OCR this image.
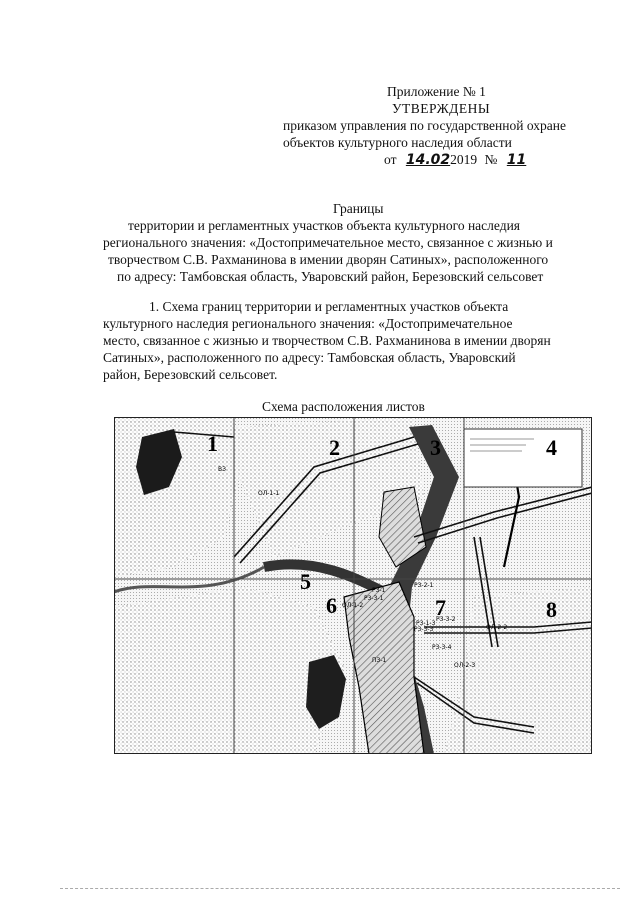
Приложение № 1
УТВЕРЖДЕНЫ
приказом управления по государственной охране
объектов культурного наследия области
от 14.022019 № 11
Границы
территории и регламентных участков объекта культурного наследия
регионального значения: «Достопримечательное место, связанное с жизнью и
творчеством С.В. Рахманинова в имении дворян Сатиных», расположенного
по адресу: Тамбовская область, Уваровский район, Березовский сельсовет
1. Схема границ территории и регламентных участков объекта
культурного наследия регионального значения: «Достопримечательное
место, связанное с жизнью и творчеством С.В. Рахманинова в имении дворян
Сатиных», расположенного по адресу: Тамбовская область, Уваровский
район, Березовский сельсовет.
Схема расположения листов
1	2	3	4
5
6	7	8
ОЛ-1-1
ОЛ-1-2
ОЛ-2-2
ОЛ-2-3
Р3-1
Р3-2-1
Р3-3-1
Р3-3-2
Р3-3-3
Р3-1-3
Р3-3-4
ПЗ-1
ВЗ
